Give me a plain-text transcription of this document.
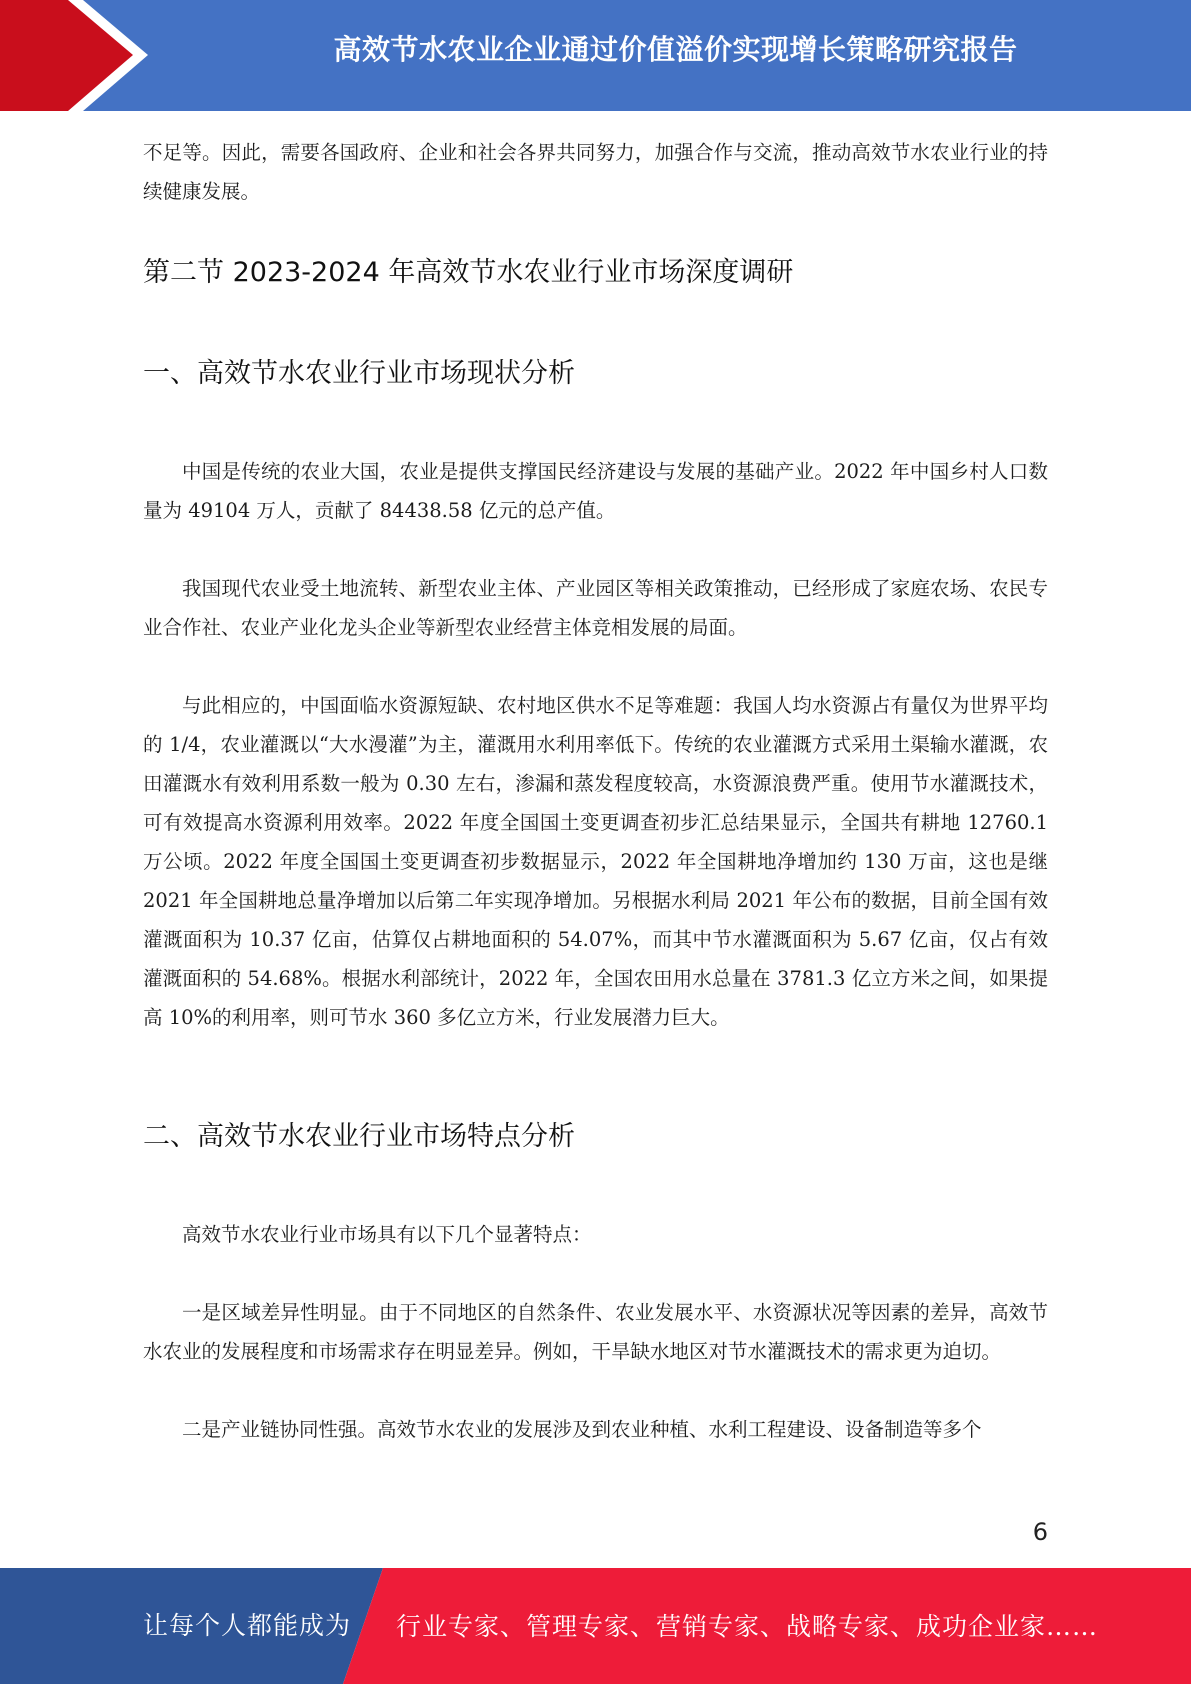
高效节水农业企业通过价值溢价实现增长策略研究报告

不足等。因此，需要各国政府、企业和社会各界共同努力，加强合作与交流，推动高效节水农业行业的持续健康发展。

第二节 2023-2024 年高效节水农业行业市场深度调研
一、高效节水农业行业市场现状分析

中国是传统的农业大国，农业是提供支撑国民经济建设与发展的基础产业。2022 年中国乡村人口数量为 49104 万人，贡献了 84438.58 亿元的总产值。

我国现代农业受土地流转、新型农业主体、产业园区等相关政策推动，已经形成了家庭农场、农民专业合作社、农业产业化龙头企业等新型农业经营主体竞相发展的局面。

与此相应的，中国面临水资源短缺、农村地区供水不足等难题：我国人均水资源占有量仅为世界平均的 1/4，农业灌溉以“大水漫灌”为主，灌溉用水利用率低下。传统的农业灌溉方式采用土渠输水灌溉，农田灌溉水有效利用系数一般为 0.30 左右，渗漏和蒸发程度较高，水资源浪费严重。使用节水灌溉技术，可有效提高水资源利用效率。2022 年度全国国土变更调查初步汇总结果显示，全国共有耕地 12760.1 万公顷。2022 年度全国国土变更调查初步数据显示，2022 年全国耕地净增加约 130 万亩，这也是继 2021 年全国耕地总量净增加以后第二年实现净增加。另根据水利局 2021 年公布的数据，目前全国有效灌溉面积为 10.37 亿亩，估算仅占耕地面积的 54.07%，而其中节水灌溉面积为 5.67 亿亩，仅占有效灌溉面积的 54.68%。根据水利部统计，2022 年，全国农田用水总量在 3781.3 亿立方米之间，如果提高 10%的利用率，则可节水 360 多亿立方米，行业发展潜力巨大。

二、高效节水农业行业市场特点分析

高效节水农业行业市场具有以下几个显著特点：

一是区域差异性明显。由于不同地区的自然条件、农业发展水平、水资源状况等因素的差异，高效节水农业的发展程度和市场需求存在明显差异。例如，干旱缺水地区对节水灌溉技术的需求更为迫切。

二是产业链协同性强。高效节水农业的发展涉及到农业种植、水利工程建设、设备制造等多个

6
让每个人都能成为 行业专家、管理专家、营销专家、战略专家、成功企业家……
